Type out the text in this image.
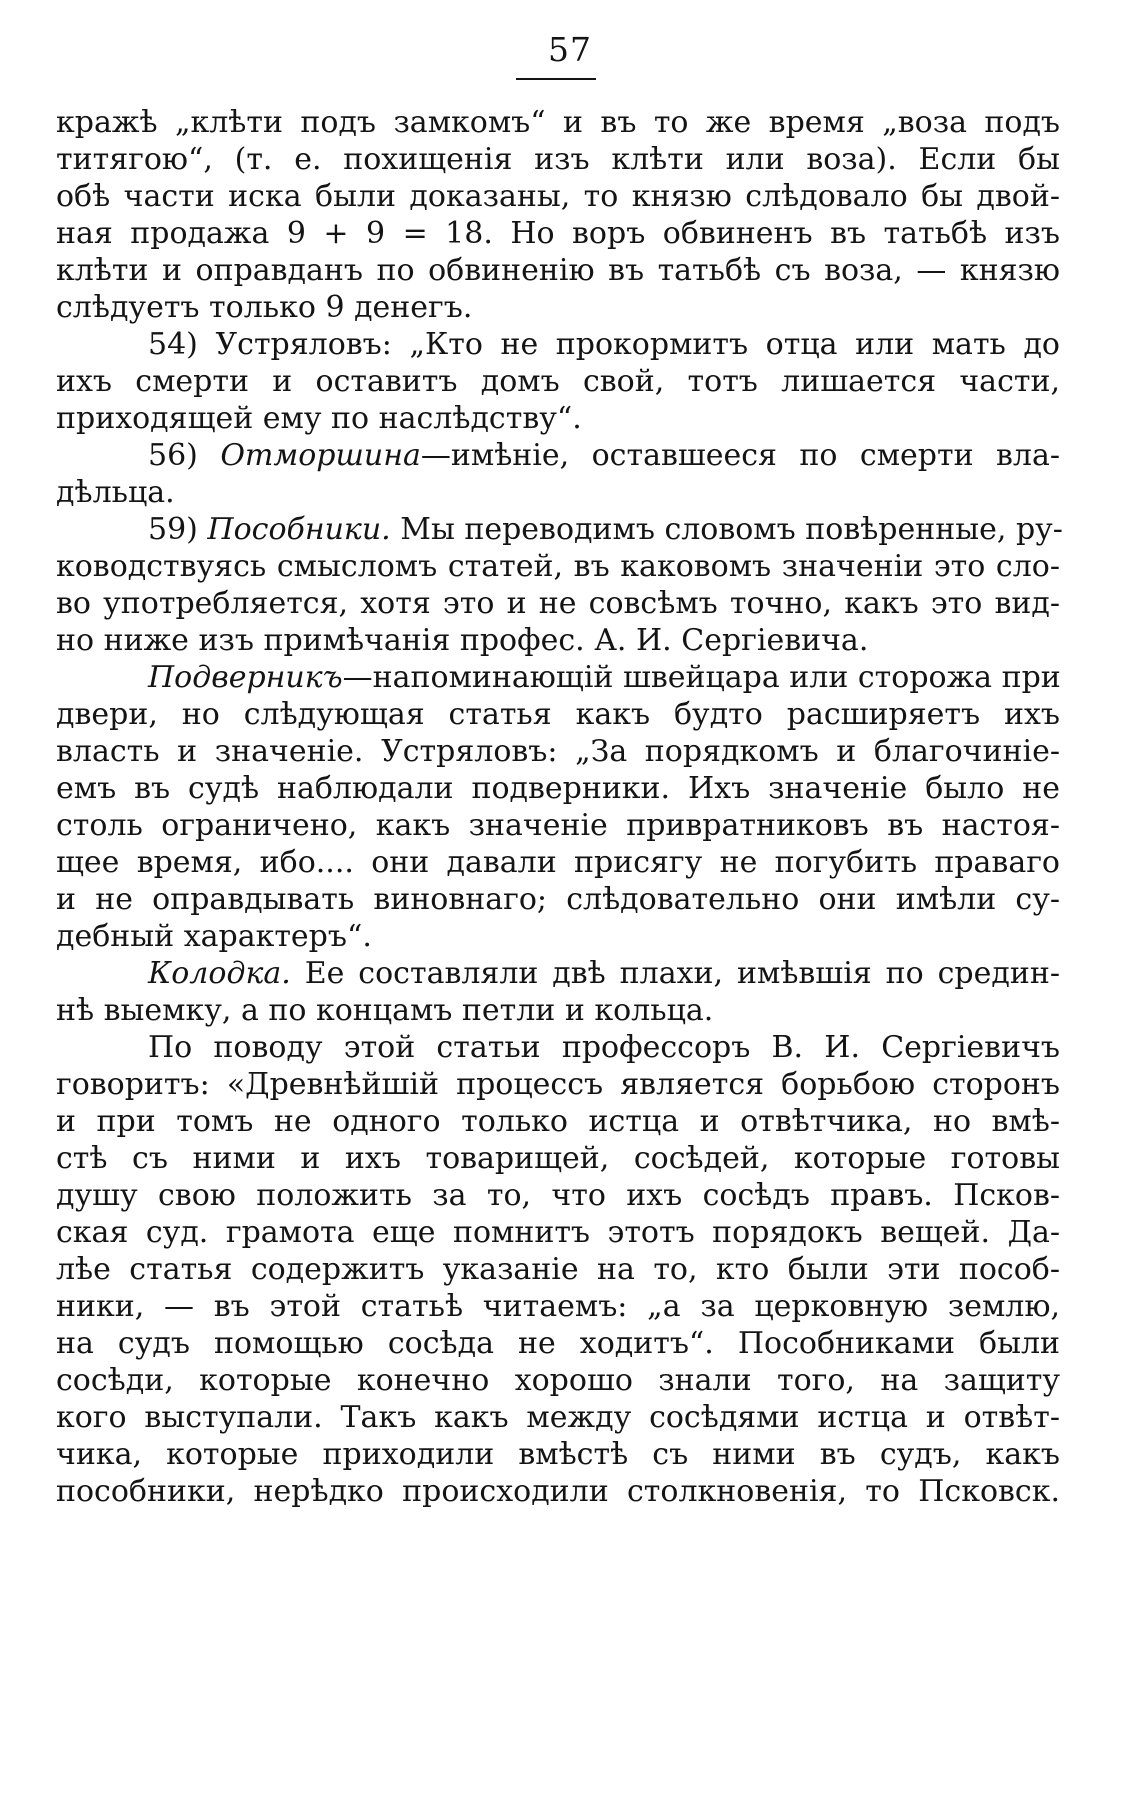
57
кражѣ „клѣти подъ замкомъ“ и въ то же время „воза подъ
титягою“, (т. е. похищенія изъ клѣти или воза). Если бы
обѣ части иска были доказаны, то князю слѣдовало бы двой-
ная продажа 9 + 9 = 18. Но воръ обвиненъ въ татьбѣ изъ
клѣти и оправданъ по обвиненію въ татьбѣ съ воза, — князю
слѣдуетъ только 9 денегъ.
54) Устряловъ: „Кто не прокормитъ отца или мать до
ихъ смерти и оставитъ домъ свой, тотъ лишается части,
приходящей ему по наслѣдству“.
56) Отморшина—имѣніе, оставшееся по смерти вла-
дѣльца.
59) Пособники. Мы переводимъ словомъ повѣренные, ру-
ководствуясь смысломъ статей, въ каковомъ значеніи это сло-
во употребляется, хотя это и не совсѣмъ точно, какъ это вид-
но ниже изъ примѣчанія профес. А. И. Сергіевича.
Подверникъ—напоминающій швейцара или сторожа при
двери, но слѣдующая статья какъ будто расширяетъ ихъ
власть и значеніе. Устряловъ: „За порядкомъ и благочиніе-
емъ въ судѣ наблюдали подверники. Ихъ значеніе было не
столь ограничено, какъ значеніе привратниковъ въ настоя-
щее время, ибо.... они давали присягу не погубить праваго
и не оправдывать виновнаго; слѣдовательно они имѣли су-
дебный характеръ“.
Колодка. Ее составляли двѣ плахи, имѣвшія по средин-
нѣ выемку, а по концамъ петли и кольца.
По поводу этой статьи профессоръ В. И. Сергіевичъ
говоритъ: «Древнѣйшій процессъ является борьбою сторонъ
и при томъ не одного только истца и отвѣтчика, но вмѣ-
стѣ съ ними и ихъ товарищей, сосѣдей, которые готовы
душу свою положить за то, что ихъ сосѣдъ правъ. Псков-
ская суд. грамота еще помнитъ этотъ порядокъ вещей. Да-
лѣе статья содержитъ указаніе на то, кто были эти пособ-
ники, — въ этой статьѣ читаемъ: „а за церковную землю,
на судъ помощью сосѣда не ходитъ“. Пособниками были
сосѣди, которые конечно хорошо знали того, на защиту
кого выступали. Такъ какъ между сосѣдями истца и отвѣт-
чика, которые приходили вмѣстѣ съ ними въ судъ, какъ
пособники, нерѣдко происходили столкновенія, то Псковск.
